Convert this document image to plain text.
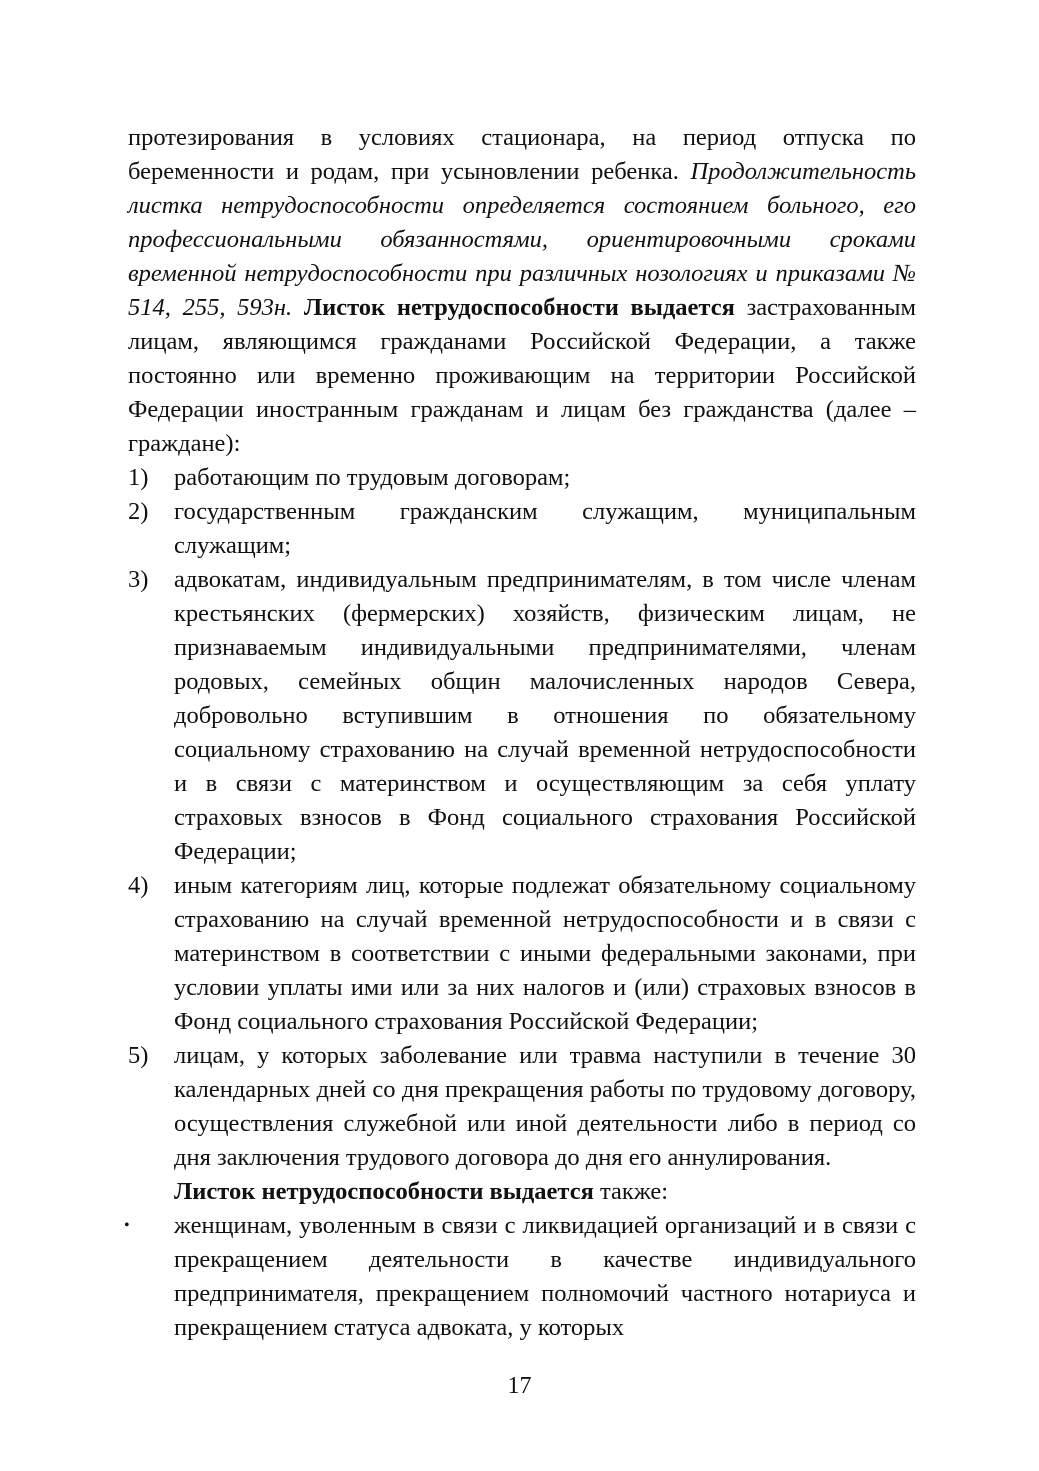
протезирования в условиях стационара, на период отпуска по беременности и родам, при усыновлении ребенка. Продолжительность листка нетрудоспособности определяется состоянием больного, его профессиональными обязанностями, ориентировочными сроками временной нетрудоспособности при различных нозологиях и приказами № 514, 255, 593н. Листок нетрудоспособности выдается застрахованным лицам, являющимся гражданами Российской Федерации, а также постоянно или временно проживающим на территории Российской Федерации иностранным гражданам и лицам без гражданства (далее – граждане):

1) работающим по трудовым договорам;
2) государственным гражданским служащим, муниципальным служащим;
3) адвокатам, индивидуальным предпринимателям, в том числе членам крестьянских (фермерских) хозяйств, физическим лицам, не признаваемым индивидуальными предпринимателями, членам родовых, семейных общин малочисленных народов Севера, добровольно вступившим в отношения по обязательному социальному страхованию на случай временной нетрудоспособности и в связи с материнством и осуществляющим за себя уплату страховых взносов в Фонд социального страхования Российской Федерации;
4) иным категориям лиц, которые подлежат обязательному социальному страхованию на случай временной нетрудоспособности и в связи с материнством в соответствии с иными федеральными законами, при условии уплаты ими или за них налогов и (или) страховых взносов в Фонд социального страхования Российской Федерации;
5) лицам, у которых заболевание или травма наступили в течение 30 календарных дней со дня прекращения работы по трудовому договору, осуществления служебной или иной деятельности либо в период со дня заключения трудового договора до дня его аннулирования.

Листок нетрудоспособности выдается также:

• женщинам, уволенным в связи с ликвидацией организаций и в связи с прекращением деятельности в качестве индивидуального предпринимателя, прекращением полномочий частного нотариуса и прекращением статуса адвоката, у которых
17
